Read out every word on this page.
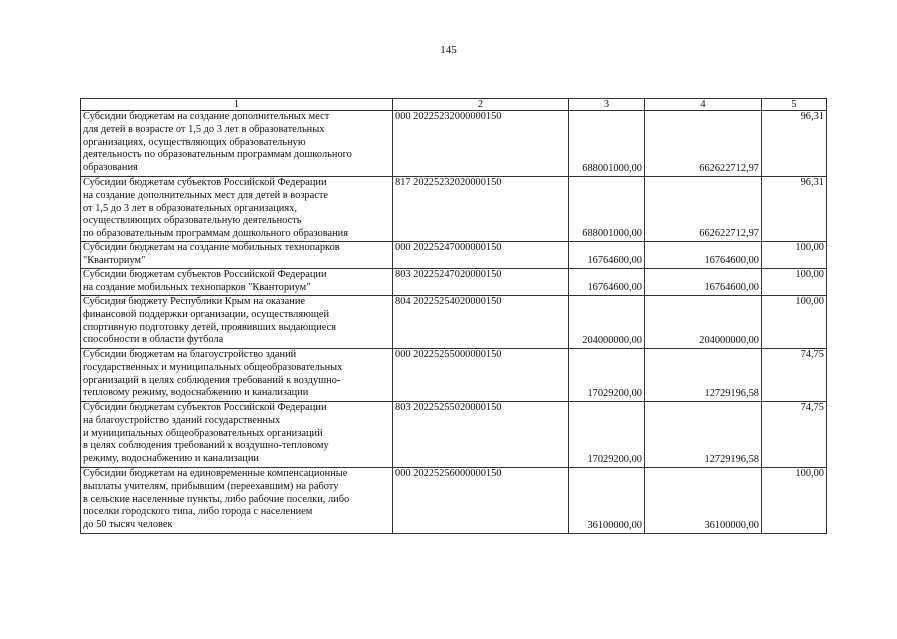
145
1	2	3	4	5
Субсидии бюджетам на создание дополнительных мест
для детей в возрасте от 1,5 до 3 лет в образовательных
организациях, осуществляющих образовательную
деятельность по образовательным программам дошкольного
образования	000 20225232000000150	688001000,00	662622712,97	96,31
Субсидии бюджетам субъектов Российской Федерации
на создание дополнительных мест для детей в возрасте
от 1,5 до 3 лет в образовательных организациях,
осуществляющих образовательную деятельность
по образовательным программам дошкольного образования	817 20225232020000150	688001000,00	662622712,97	96,31
Субсидии бюджетам на создание мобильных технопарков
"Кванториум"	000 20225247000000150	16764600,00	16764600,00	100,00
Субсидии бюджетам субъектов Российской Федерации
на создание мобильных технопарков "Кванториум"	803 20225247020000150	16764600,00	16764600,00	100,00
Субсидия бюджету Республики Крым на оказание
финансовой поддержки организации, осуществляющей
спортивную подготовку детей, проявивших выдающиеся
способности в области футбола	804 20225254020000150	204000000,00	204000000,00	100,00
Субсидии бюджетам на благоустройство зданий
государственных и муниципальных общеобразовательных
организаций в целях соблюдения требований к воздушно-
тепловому режиму, водоснабжению и канализации	000 20225255000000150	17029200,00	12729196,58	74,75
Субсидии бюджетам субъектов Российской Федерации
на благоустройство зданий государственных
и муниципальных общеобразовательных организаций
в целях соблюдения требований к воздушно-тепловому
режиму, водоснабжению и канализации	803 20225255020000150	17029200,00	12729196,58	74,75
Субсидии бюджетам на единовременные компенсационные
выплаты учителям, прибывшим (переехавшим) на работу
в сельские населенные пункты, либо рабочие поселки, либо
поселки городского типа, либо города с населением
до 50 тысяч человек	000 20225256000000150	36100000,00	36100000,00	100,00
